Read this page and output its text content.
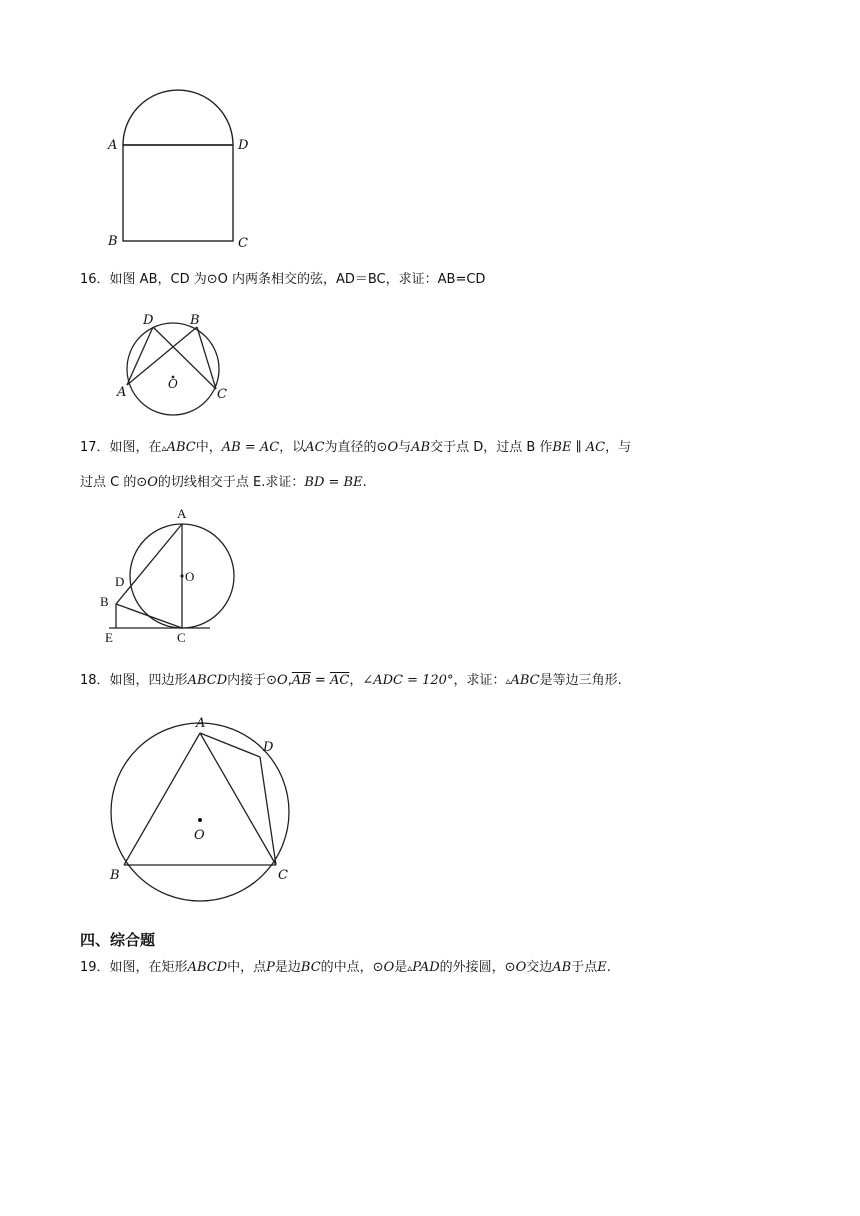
A	D
B	C
16．如图 AB，CD 为⊙O 内两条相交的弦，AD＝BC，求证：AB=CD
D	B
A	C
O
17．如图，在▵ABC中，AB = AC，以AC为直径的⊙O与AB交于点 D，过点 B 作BE ∥ AC，与
过点 C 的⊙O的切线相交于点 E.求证：BD = BE.
A
O
D
B
E	C
18．如图，四边形ABCD内接于$⊙O,\overline{AB} = \overline{AC}$，∠ADC = 120°，求证：▵ABC是等边三角形.
A
D
O
B	C
四、综合题
19．如图，在矩形ABCD中，点P是边BC的中点，⊙O是▵PAD的外接圆，⊙O交边AB于点E.
